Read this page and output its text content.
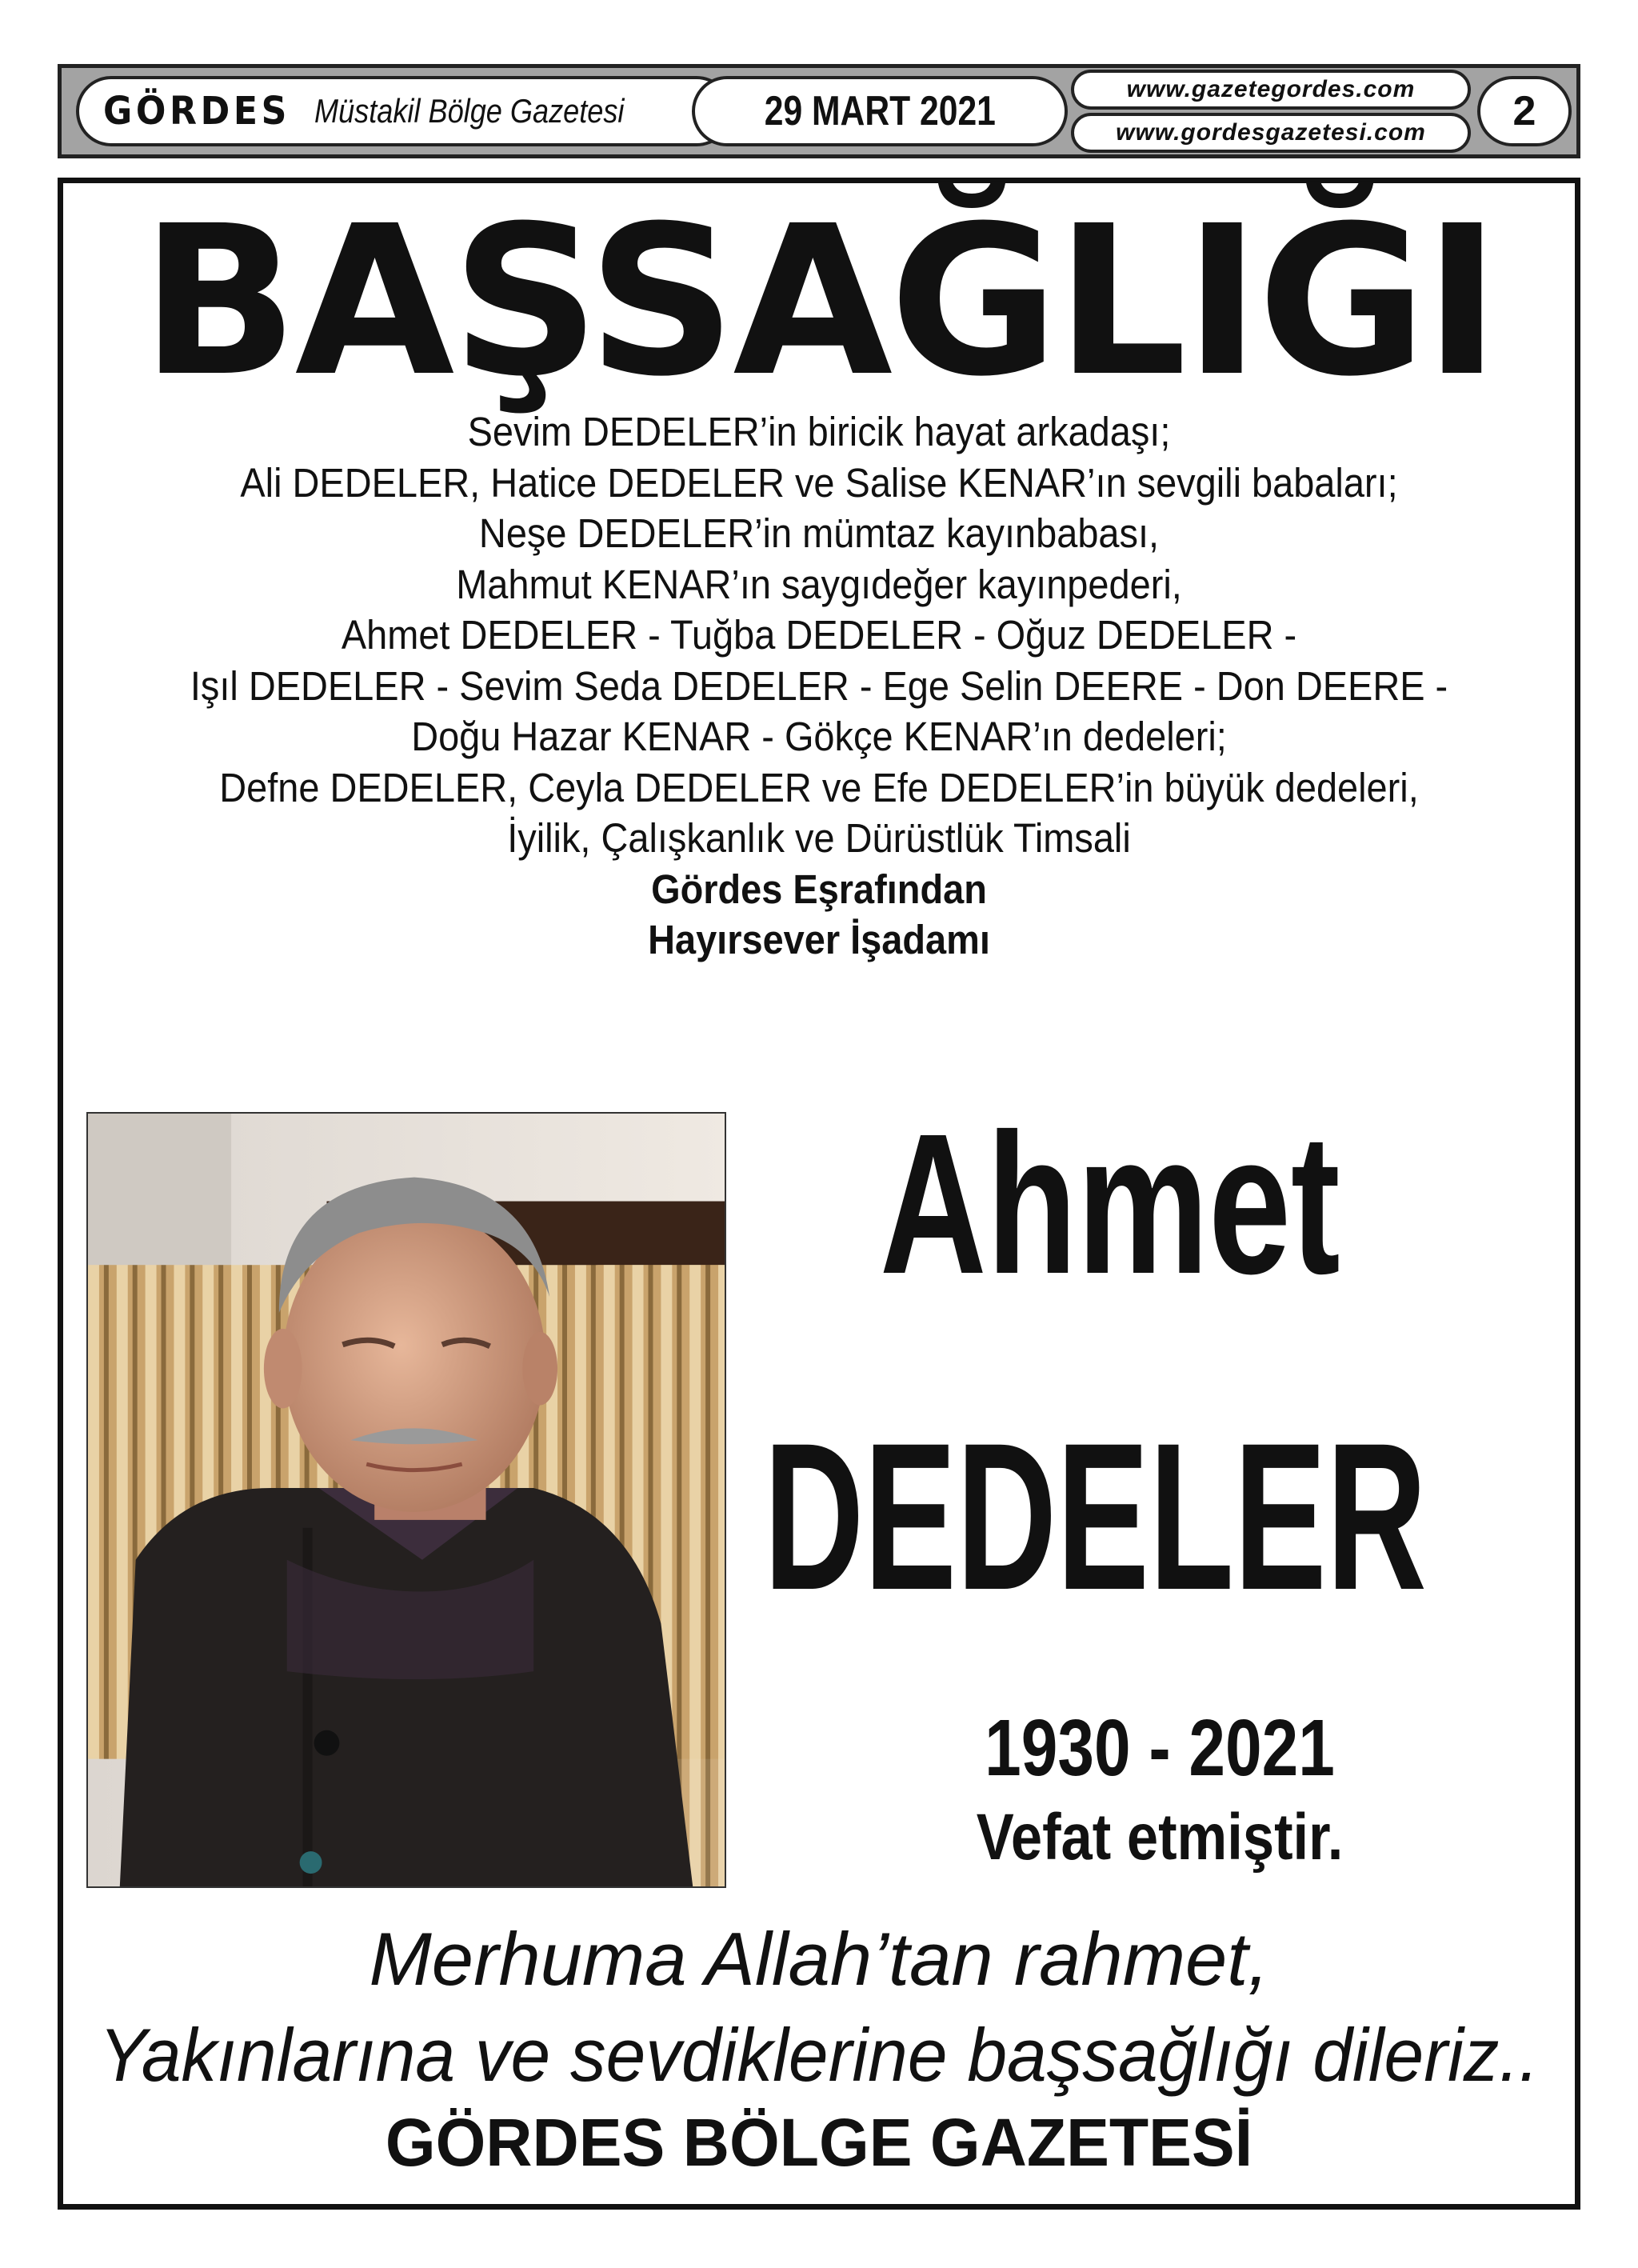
GÖRDES Müstakil Bölge Gazetesi	29 MART 2021	www.gazetegordes.com
www.gordesgazetesi.com 2
BAŞSAĞLIĞI
Sevim DEDELER’in biricik hayat arkadaşı;
Ali DEDELER, Hatice DEDELER ve Salise KENAR’ın sevgili babaları;
Neşe DEDELER’in mümtaz kayınbabası,
Mahmut KENAR’ın saygıdeğer kayınpederi,
Ahmet DEDELER - Tuğba DEDELER - Oğuz DEDELER -
Işıl DEDELER - Sevim Seda DEDELER - Ege Selin DEERE - Don DEERE -
Doğu Hazar KENAR - Gökçe KENAR’ın dedeleri;
Defne DEDELER, Ceyla DEDELER ve Efe DEDELER’in büyük dedeleri,
İyilik, Çalışkanlık ve Dürüstlük Timsali
Gördes Eşrafından
Hayırsever İşadamı
Ahmet
DEDELER
1930 - 2021
Vefat etmiştir.
Merhuma Allah’tan rahmet,
Yakınlarına ve sevdiklerine başsağlığı dileriz..
GÖRDES BÖLGE GAZETESİ
